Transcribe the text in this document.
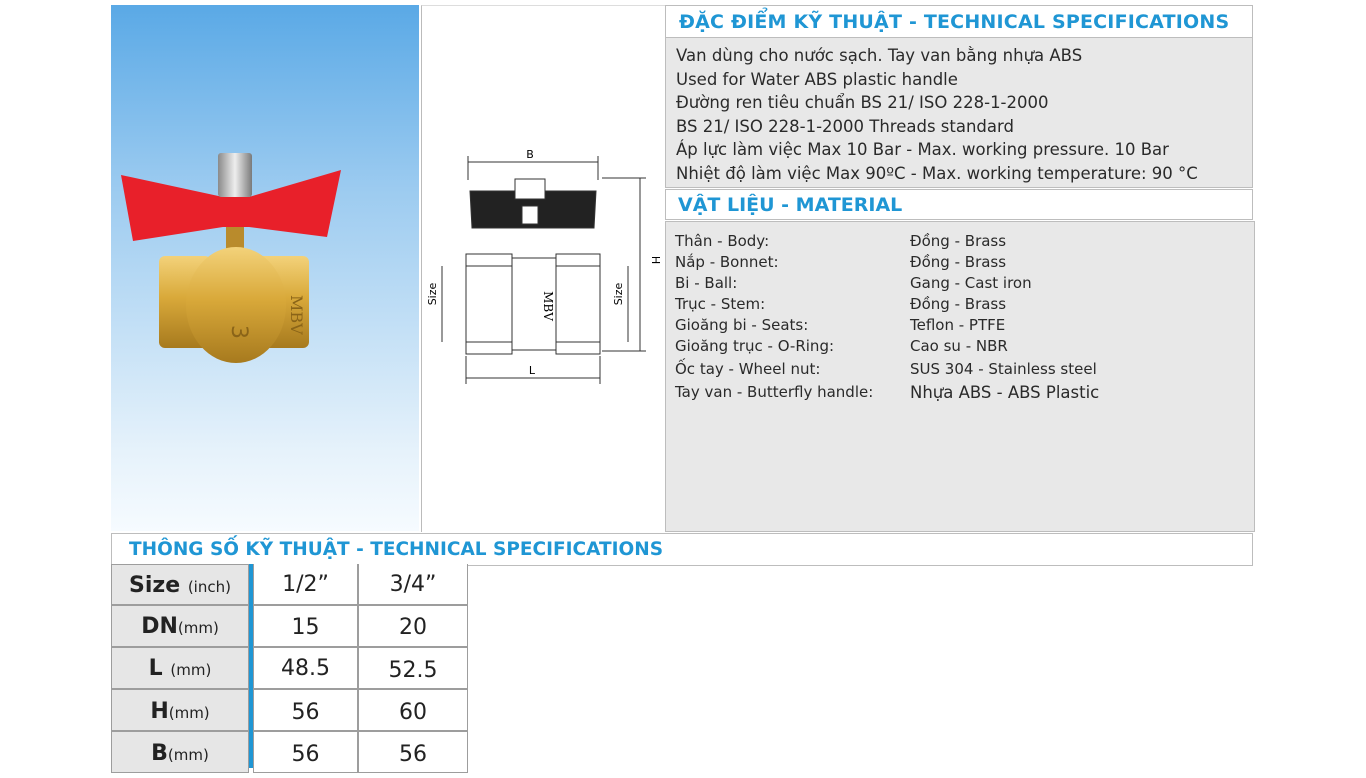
MBV
3
B
H
L
Size	Size
MBV
ĐẶC ĐIỂM KỸ THUẬT - TECHNICAL SPECIFICATIONS
Van dùng cho nước sạch. Tay van bằng nhựa ABS
Used for Water ABS plastic handle
Đường ren tiêu chuẩn BS 21/ ISO 228-1-2000
BS 21/ ISO 228-1-2000 Threads standard
Áp lực làm việc Max 10 Bar - Max. working pressure. 10 Bar
Nhiệt độ làm việc Max 90ºC - Max. working temperature: 90 °C
VẬT LIỆU - MATERIAL
Thân - Body:	Đồng - Brass
Nắp - Bonnet:	Đồng - Brass
Bi - Ball:	Gang - Cast iron
Trục - Stem:	Đồng - Brass
Gioăng bi - Seats:	Teflon - PTFE
Gioăng trục - O-Ring:	Cao su - NBR
Ốc tay - Wheel nut:	SUS 304 - Stainless steel
Tay van - Butterfly handle: Nhựa ABS - ABS Plastic
THÔNG SỐ KỸ THUẬT - TECHNICAL SPECIFICATIONS
Size (inch)	1/2”	3/4”
DN(mm)	15	20
L (mm)	48.5	52.5
H(mm)	56	60
B(mm)	56	56
